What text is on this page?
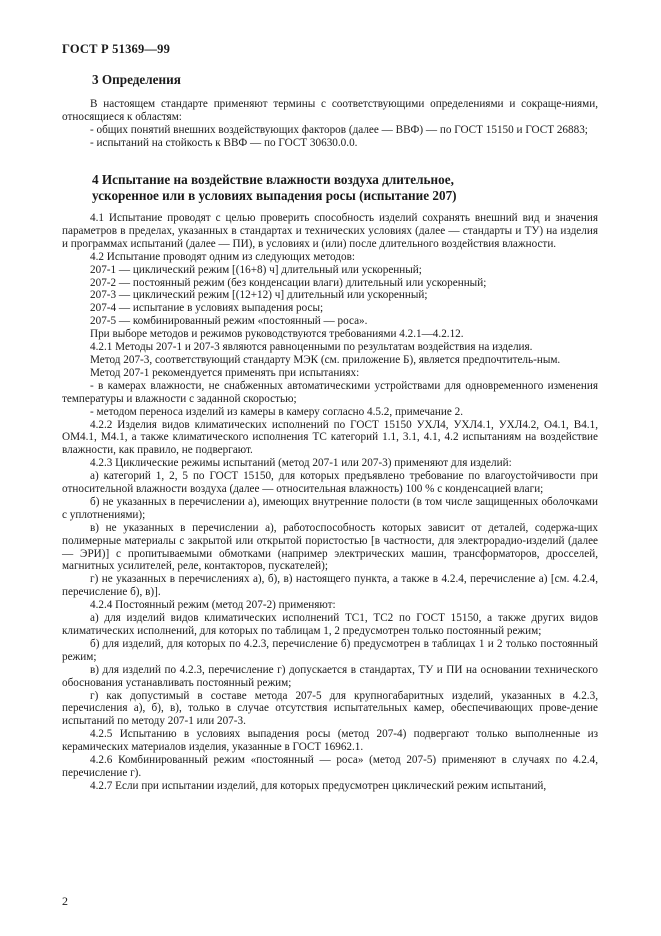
ГОСТ Р 51369—99
3 Определения

В настоящем стандарте применяют термины с соответствующими определениями и сокраще-ниями, относящиеся к областям:

- общих понятий внешних воздействующих факторов (далее — ВВФ) — по ГОСТ 15150 и ГОСТ 26883;

- испытаний на стойкость к ВВФ — по ГОСТ 30630.0.0.

4 Испытание на воздействие влажности воздуха длительное,
ускоренное или в условиях выпадения росы (испытание 207)

4.1 Испытание проводят с целью проверить способность изделий сохранять внешний вид и значения параметров в пределах, указанных в стандартах и технических условиях (далее — стандарты и ТУ) на изделия и программах испытаний (далее — ПИ), в условиях и (или) после длительного воздействия влажности.

4.2 Испытание проводят одним из следующих методов:

207-1 — циклический режим [(16+8) ч] длительный или ускоренный;

207-2 — постоянный режим (без конденсации влаги) длительный или ускоренный;

207-3 — циклический режим [(12+12) ч] длительный или ускоренный;

207-4 — испытание в условиях выпадения росы;

207-5 — комбинированный режим «постоянный — роса».

При выборе методов и режимов руководствуются требованиями 4.2.1—4.2.12.

4.2.1 Методы 207-1 и 207-3 являются равноценными по результатам воздействия на изделия.

Метод 207-3, соответствующий стандарту МЭК (см. приложение Б), является предпочтитель-ным.

Метод 207-1 рекомендуется применять при испытаниях:

- в камерах влажности, не снабженных автоматическими устройствами для одновременного изменения температуры и влажности с заданной скоростью;

- методом переноса изделий из камеры в камеру согласно 4.5.2, примечание 2.

4.2.2 Изделия видов климатических исполнений по ГОСТ 15150 УХЛ4, УХЛ4.1, УХЛ4.2, О4.1, В4.1, ОМ4.1, М4.1, а также климатического исполнения ТС категорий 1.1, 3.1, 4.1, 4.2 испытаниям на воздействие влажности, как правило, не подвергают.

4.2.3 Циклические режимы испытаний (метод 207-1 или 207-3) применяют для изделий:

а) категорий 1, 2, 5 по ГОСТ 15150, для которых предъявлено требование по влагоустойчивости при относительной влажности воздуха (далее — относительная влажность) 100 % с конденсацией влаги;

б) не указанных в перечислении а), имеющих внутренние полости (в том числе защищенных оболочками с уплотнениями);

в) не указанных в перечислении а), работоспособность которых зависит от деталей, содержа-щих полимерные материалы с закрытой или открытой пористостью [в частности, для электрорадио-изделий (далее — ЭРИ)] с пропитываемыми обмотками (например электрических машин, трансформаторов, дросселей, магнитных усилителей, реле, контакторов, пускателей);

г) не указанных в перечислениях а), б), в) настоящего пункта, а также в 4.2.4, перечисление а) [см. 4.2.4, перечисление б), в)].

4.2.4 Постоянный режим (метод 207-2) применяют:

а) для изделий видов климатических исполнений ТС1, ТС2 по ГОСТ 15150, а также других видов климатических исполнений, для которых по таблицам 1, 2 предусмотрен только постоянный режим;

б) для изделий, для которых по 4.2.3, перечисление б) предусмотрен в таблицах 1 и 2 только постоянный режим;

в) для изделий по 4.2.3, перечисление г) допускается в стандартах, ТУ и ПИ на основании технического обоснования устанавливать постоянный режим;

г) как допустимый в составе метода 207-5 для крупногабаритных изделий, указанных в 4.2.3, перечисления а), б), в), только в случае отсутствия испытательных камер, обеспечивающих прове-дение испытаний по методу 207-1 или 207-3.

4.2.5 Испытанию в условиях выпадения росы (метод 207-4) подвергают только выполненные из керамических материалов изделия, указанные в ГОСТ 16962.1.

4.2.6 Комбинированный режим «постоянный — роса» (метод 207-5) применяют в случаях по 4.2.4, перечисление г).

4.2.7 Если при испытании изделий, для которых предусмотрен циклический режим испытаний,

2
